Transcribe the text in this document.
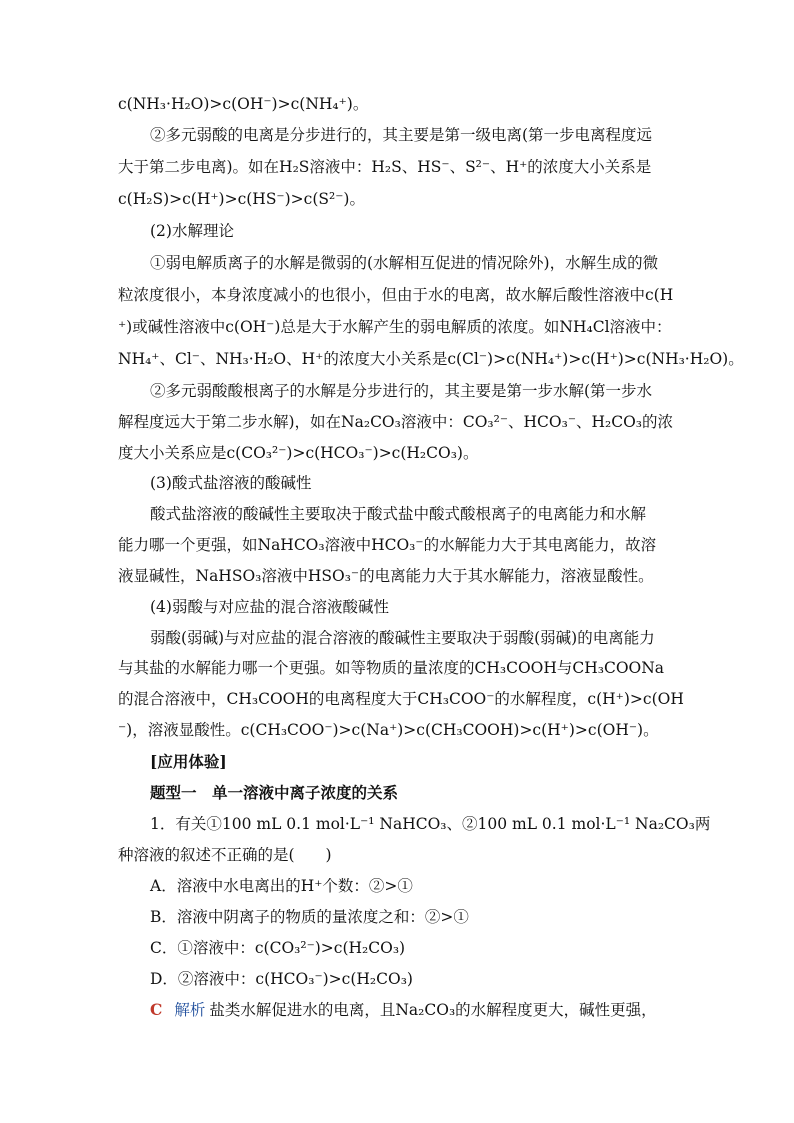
c(NH₃·H₂O)>c(OH⁻)>c(NH₄⁺)。
②多元弱酸的电离是分步进行的，其主要是第一级电离(第一步电离程度远
大于第二步电离)。如在H₂S溶液中：H₂S、HS⁻、S²⁻、H⁺的浓度大小关系是
c(H₂S)>c(H⁺)>c(HS⁻)>c(S²⁻)。
(2)水解理论
①弱电解质离子的水解是微弱的(水解相互促进的情况除外)，水解生成的微
粒浓度很小，本身浓度减小的也很小，但由于水的电离，故水解后酸性溶液中c(H
⁺)或碱性溶液中c(OH⁻)总是大于水解产生的弱电解质的浓度。如NH₄Cl溶液中：
NH₄⁺、Cl⁻、NH₃·H₂O、H⁺的浓度大小关系是c(Cl⁻)>c(NH₄⁺)>c(H⁺)>c(NH₃·H₂O)。
②多元弱酸酸根离子的水解是分步进行的，其主要是第一步水解(第一步水
解程度远大于第二步水解)，如在Na₂CO₃溶液中：CO₃²⁻、HCO₃⁻、H₂CO₃的浓
度大小关系应是c(CO₃²⁻)>c(HCO₃⁻)>c(H₂CO₃)。
(3)酸式盐溶液的酸碱性
酸式盐溶液的酸碱性主要取决于酸式盐中酸式酸根离子的电离能力和水解
能力哪一个更强，如NaHCO₃溶液中HCO₃⁻的水解能力大于其电离能力，故溶
液显碱性，NaHSO₃溶液中HSO₃⁻的电离能力大于其水解能力，溶液显酸性。
(4)弱酸与对应盐的混合溶液酸碱性
弱酸(弱碱)与对应盐的混合溶液的酸碱性主要取决于弱酸(弱碱)的电离能力
与其盐的水解能力哪一个更强。如等物质的量浓度的CH₃COOH与CH₃COONa
的混合溶液中，CH₃COOH的电离程度大于CH₃COO⁻的水解程度，c(H⁺)>c(OH
⁻)，溶液显酸性。c(CH₃COO⁻)>c(Na⁺)>c(CH₃COOH)>c(H⁺)>c(OH⁻)。
[应用体验]
题型一　单一溶液中离子浓度的关系
1．有关①100 mL 0.1 mol·L⁻¹ NaHCO₃、②100 mL 0.1 mol·L⁻¹ Na₂CO₃两
种溶液的叙述不正确的是(　　)
A．溶液中水电离出的H⁺个数：②>①
B．溶液中阴离子的物质的量浓度之和：②>①
C．①溶液中：c(CO₃²⁻)>c(H₂CO₃)
D．②溶液中：c(HCO₃⁻)>c(H₂CO₃)
C 解析 盐类水解促进水的电离，且Na₂CO₃的水解程度更大，碱性更强，
